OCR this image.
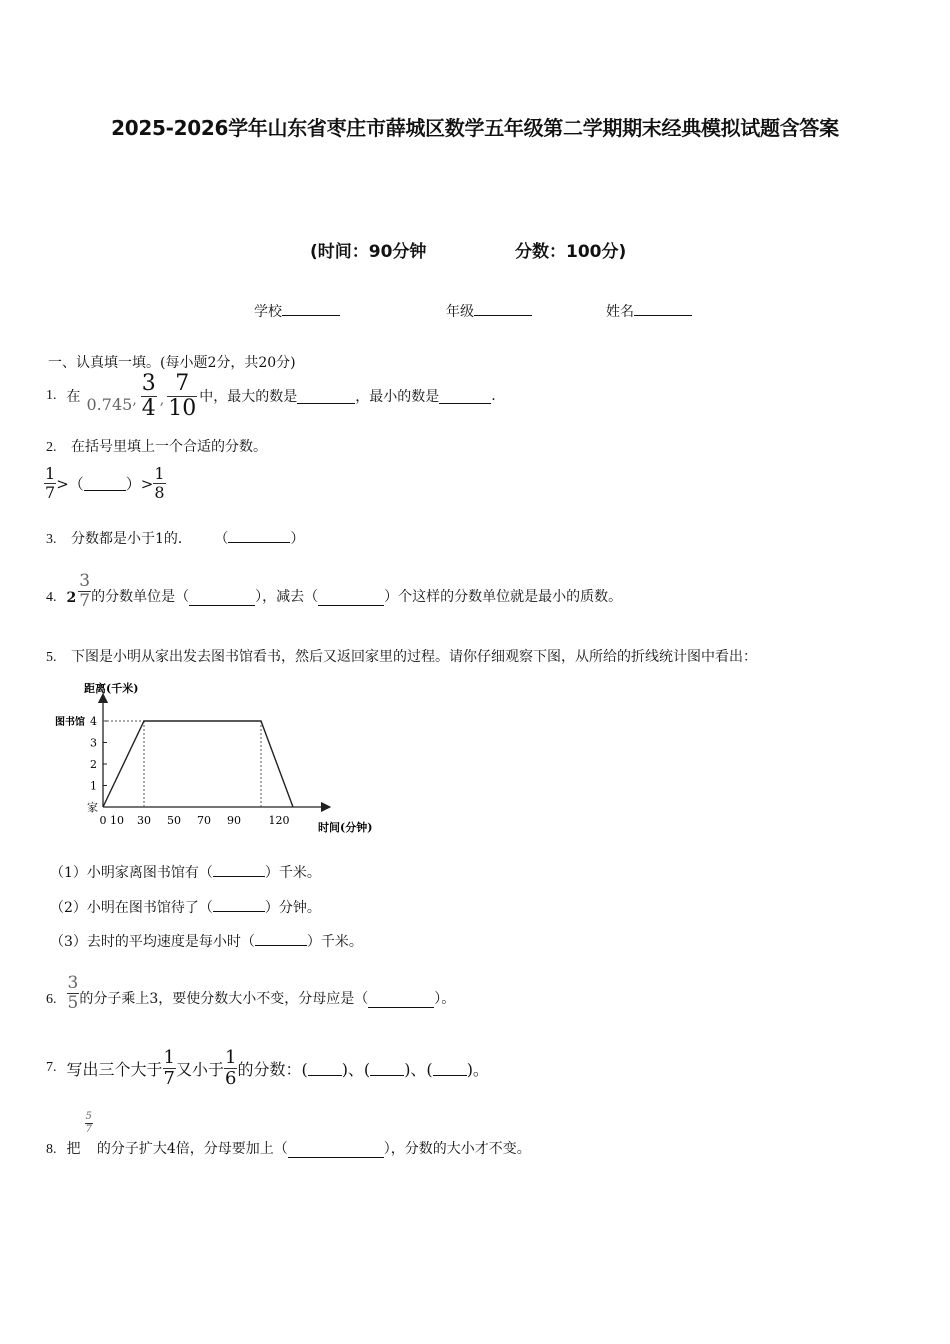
2025-2026学年山东省枣庄市薛城区数学五年级第二学期期末经典模拟试题含答案
(时间：90分钟	分数：100分)
学校	年级	姓名
一、认真填一填。(每小题2分，共20分)
1. 在 0.745 , $\frac{3}{4}$ , $\frac{7}{10}$ 中，最大的数是	，最小的数是	.
2. 在括号里填上一个合适的分数。
$\frac{1}{7}$ >（	）> $\frac{1}{8}$
3. 分数都是小于1的． （	）
4. $2 \frac{3}{7}$ 的分数单位是（	），减去（	）个这样的分数单位就是最小的质数。
5. 下图是小明从家出发去图书馆看书，然后又返回家里的过程。请你仔细观察下图，从所给的折线统计图中看出：
距离(千米)
时间(分钟)
1
2
3
4
图书馆
家
0 10 30 50 70 90	120
（1）小明家离图书馆有（	）千米。
（2）小明在图书馆待了（	）分钟。
（3）去时的平均速度是每小时（	）千米。
6. $\frac{3}{5}$ 的分子乘上3，要使分数大小不变，分母应是（	）。
7. 写出三个大于 $\frac{1}{7}$ 又小于 $\frac{1}{6}$ 的分数：( )、( )、( )。
8. 把
$\frac{5}{7}$
的分子扩大4倍，分母要加上（	），分数的大小才不变。
